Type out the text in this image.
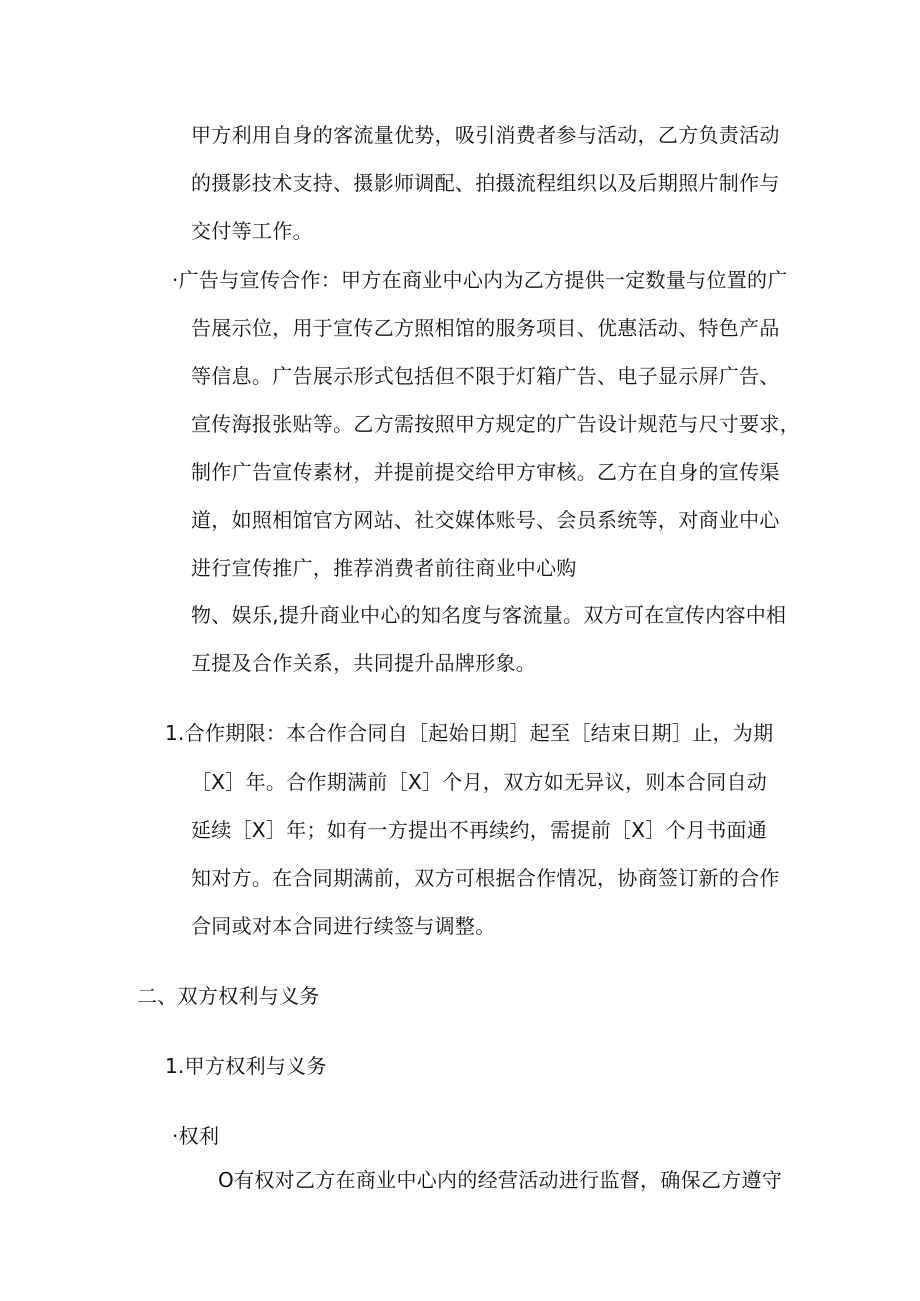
甲方利用自身的客流量优势，吸引消费者参与活动，乙方负责活动
的摄影技术支持、摄影师调配、拍摄流程组织以及后期照片制作与
交付等工作。
·广告与宣传合作：甲方在商业中心内为乙方提供一定数量与位置的广
告展示位，用于宣传乙方照相馆的服务项目、优惠活动、特色产品
等信息。广告展示形式包括但不限于灯箱广告、电子显示屏广告、
宣传海报张贴等。乙方需按照甲方规定的广告设计规范与尺寸要求，
制作广告宣传素材，并提前提交给甲方审核。乙方在自身的宣传渠
道，如照相馆官方网站、社交媒体账号、会员系统等，对商业中心
进行宣传推广，推荐消费者前往商业中心购
物、娱乐,提升商业中心的知名度与客流量。双方可在宣传内容中相
互提及合作关系，共同提升品牌形象。
1.合作期限：本合作合同自［起始日期］起至［结束日期］止，为期
［X］年。合作期满前［X］个月，双方如无异议，则本合同自动
延续［X］年；如有一方提出不再续约，需提前［X］个月书面通
知对方。在合同期满前，双方可根据合作情况，协商签订新的合作
合同或对本合同进行续签与调整。
二、双方权利与义务
1.甲方权利与义务
·权利
O有权对乙方在商业中心内的经营活动进行监督，确保乙方遵守
